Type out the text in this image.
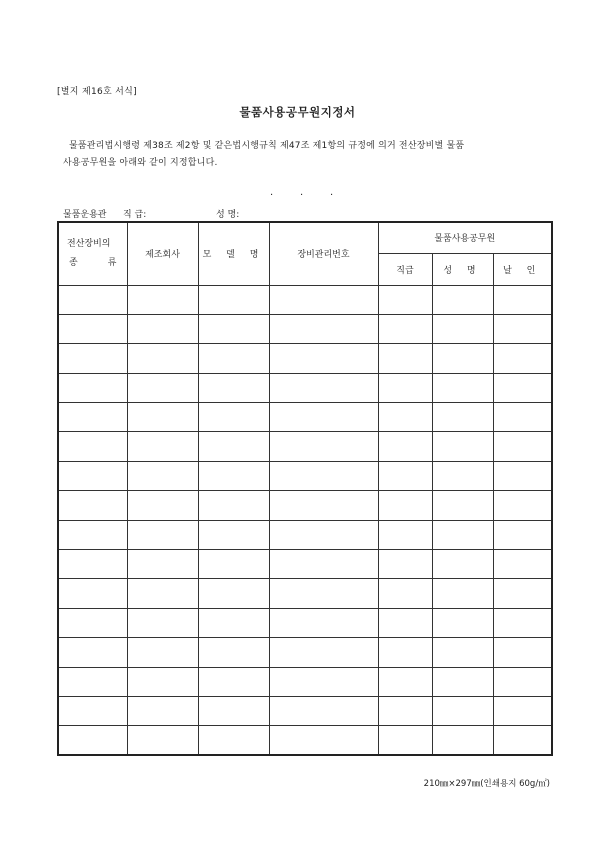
[별지 제16호 서식]
물품사용공무원지정서
물품관리법시행령 제38조 제2항 및 같은법시행규칙 제47조 제1항의 규정에 의거 전산장비별 물품
사용공무원을 아래와 같이 지정합니다.
.	.	.
물품운용관 직 급:	성 명:
전산장비의
종 류	제조회사	모 델 명	장비관리번호	물품사용공무원		
				직급	성 명	날 인

210㎜×297㎜(인쇄용지 60g/㎡)
